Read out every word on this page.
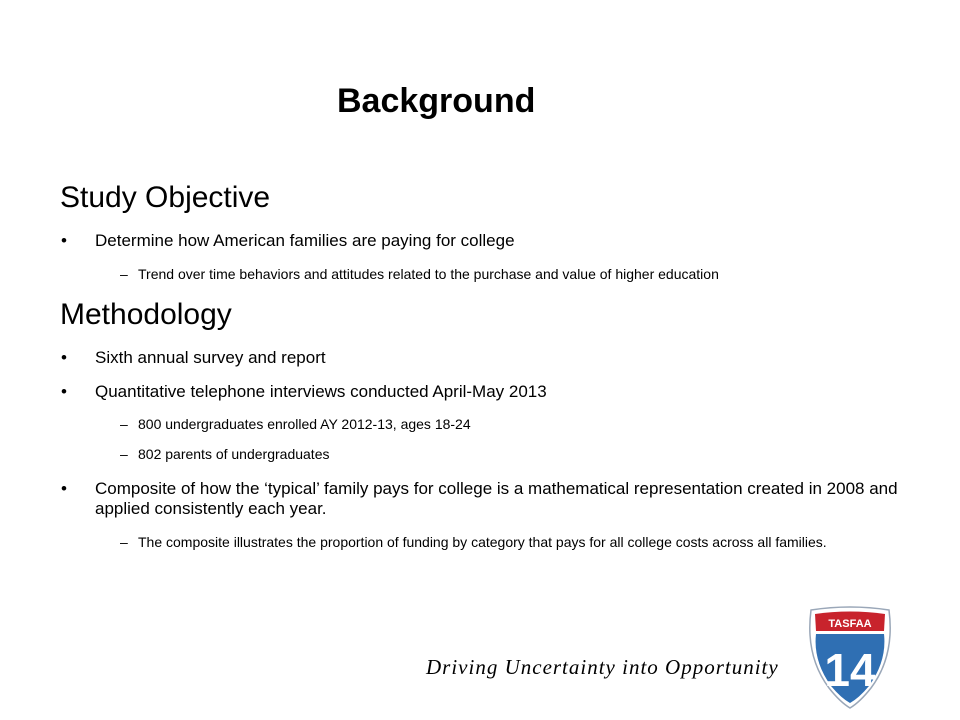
Background
Study Objective
• Determine how American families are paying for college
– Trend over time behaviors and attitudes related to the purchase and value of higher education
Methodology
• Sixth annual survey and report
• Quantitative telephone interviews conducted April-May 2013
– 800 undergraduates enrolled AY 2012-13, ages 18-24
– 802 parents of undergraduates
• Composite of how the ‘typical’ family pays for college is a mathematical representation created in 2008 and applied consistently each year.
– The composite illustrates the proportion of funding by category that pays for all college costs across all families.
Driving Uncertainty into Opportunity
TASFAA
14
